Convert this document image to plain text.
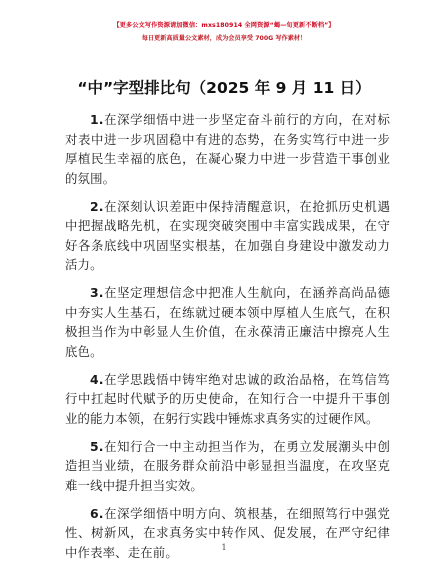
【更多公文写作资源请加微信：mxs180914 全网资源“蝎—旬更新不断档”】
每日更新高质量公文素材，成为会员享受 700G 写作素材！
“中”字型排比句（2025 年 9 月 11 日）

1.在深学细悟中进一步坚定奋斗前行的方向，在对标对表中进一步巩固稳中有进的态势，在务实笃行中进一步厚植民生幸福的底色，在凝心聚力中进一步营造干事创业的氛围。

2.在深刻认识差距中保持清醒意识，在抢抓历史机遇中把握战略先机，在实现突破突围中丰富实践成果，在守好各条底线中巩固坚实根基，在加强自身建设中激发动力活力。

3.在坚定理想信念中把准人生航向，在涵养高尚品德中夯实人生基石，在练就过硬本领中厚植人生底气，在积极担当作为中彰显人生价值，在永葆清正廉洁中擦亮人生底色。

4.在学思践悟中铸牢绝对忠诚的政治品格，在笃信笃行中扛起时代赋予的历史使命，在知行合一中提升干事创业的能力本领，在躬行实践中锤炼求真务实的过硬作风。

5.在知行合一中主动担当作为，在勇立发展潮头中创造担当业绩，在服务群众前沿中彰显担当温度，在攻坚克难一线中提升担当实效。

6.在深学细悟中明方向、筑根基，在细照笃行中强党性、树新风，在求真务实中转作风、促发展，在严守纪律中作表率、走在前。	1
